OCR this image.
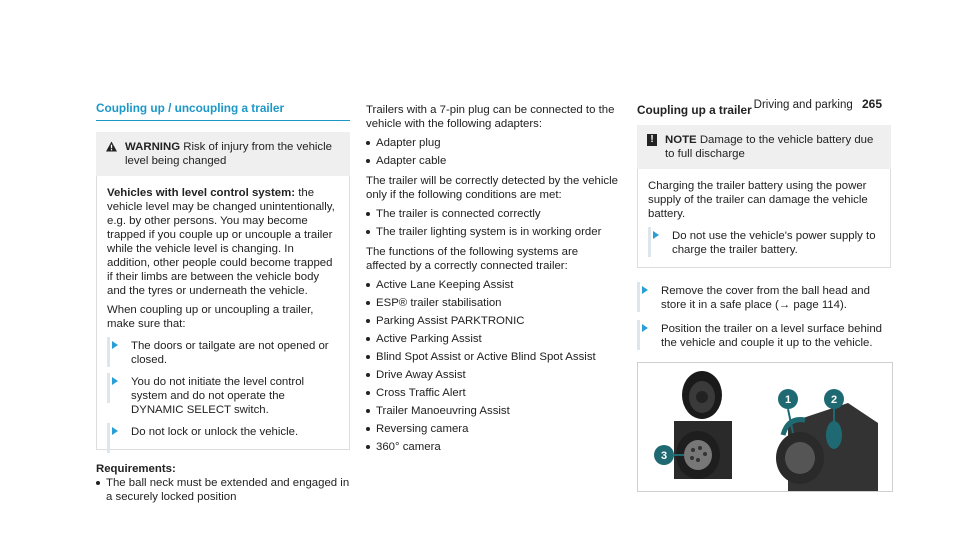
Driving and parking 265
Coupling up / uncoupling a trailer
WARNING Risk of injury from the vehicle level being changed

Vehicles with level control system: the vehicle level may be changed unintentionally, e.g. by other persons. You may become trapped if you couple up or uncouple a trailer while the vehicle level is changing. In addition, other people could become trapped if their limbs are between the vehicle body and the tyres or underneath the vehicle.

When coupling up or uncoupling a trailer, make sure that:

The doors or tailgate are not opened or closed.
You do not initiate the level control system and do not operate the DYNAMIC SELECT switch.
Do not lock or unlock the vehicle.
Requirements:
The ball neck must be extended and engaged in a securely locked position

Trailers with a 7-pin plug can be connected to the vehicle with the following adapters:

Adapter plug
Adapter cable

The trailer will be correctly detected by the vehicle only if the following conditions are met:

The trailer is connected correctly
The trailer lighting system is in working order

The functions of the following systems are affected by a correctly connected trailer:

Active Lane Keeping Assist
ESP® trailer stabilisation
Parking Assist PARKTRONIC
Active Parking Assist
Blind Spot Assist or Active Blind Spot Assist
Drive Away Assist
Cross Traffic Alert
Trailer Manoeuvring Assist
Reversing camera
360° camera
Coupling up a trailer
! NOTE Damage to the vehicle battery due to full discharge

Charging the trailer battery using the power supply of the trailer can damage the vehicle battery.

Do not use the vehicle's power supply to charge the trailer battery.
Remove the cover from the ball head and store it in a safe place (→ page 114).
Position the trailer on a level surface behind the vehicle and couple it up to the vehicle.
1	2
3
